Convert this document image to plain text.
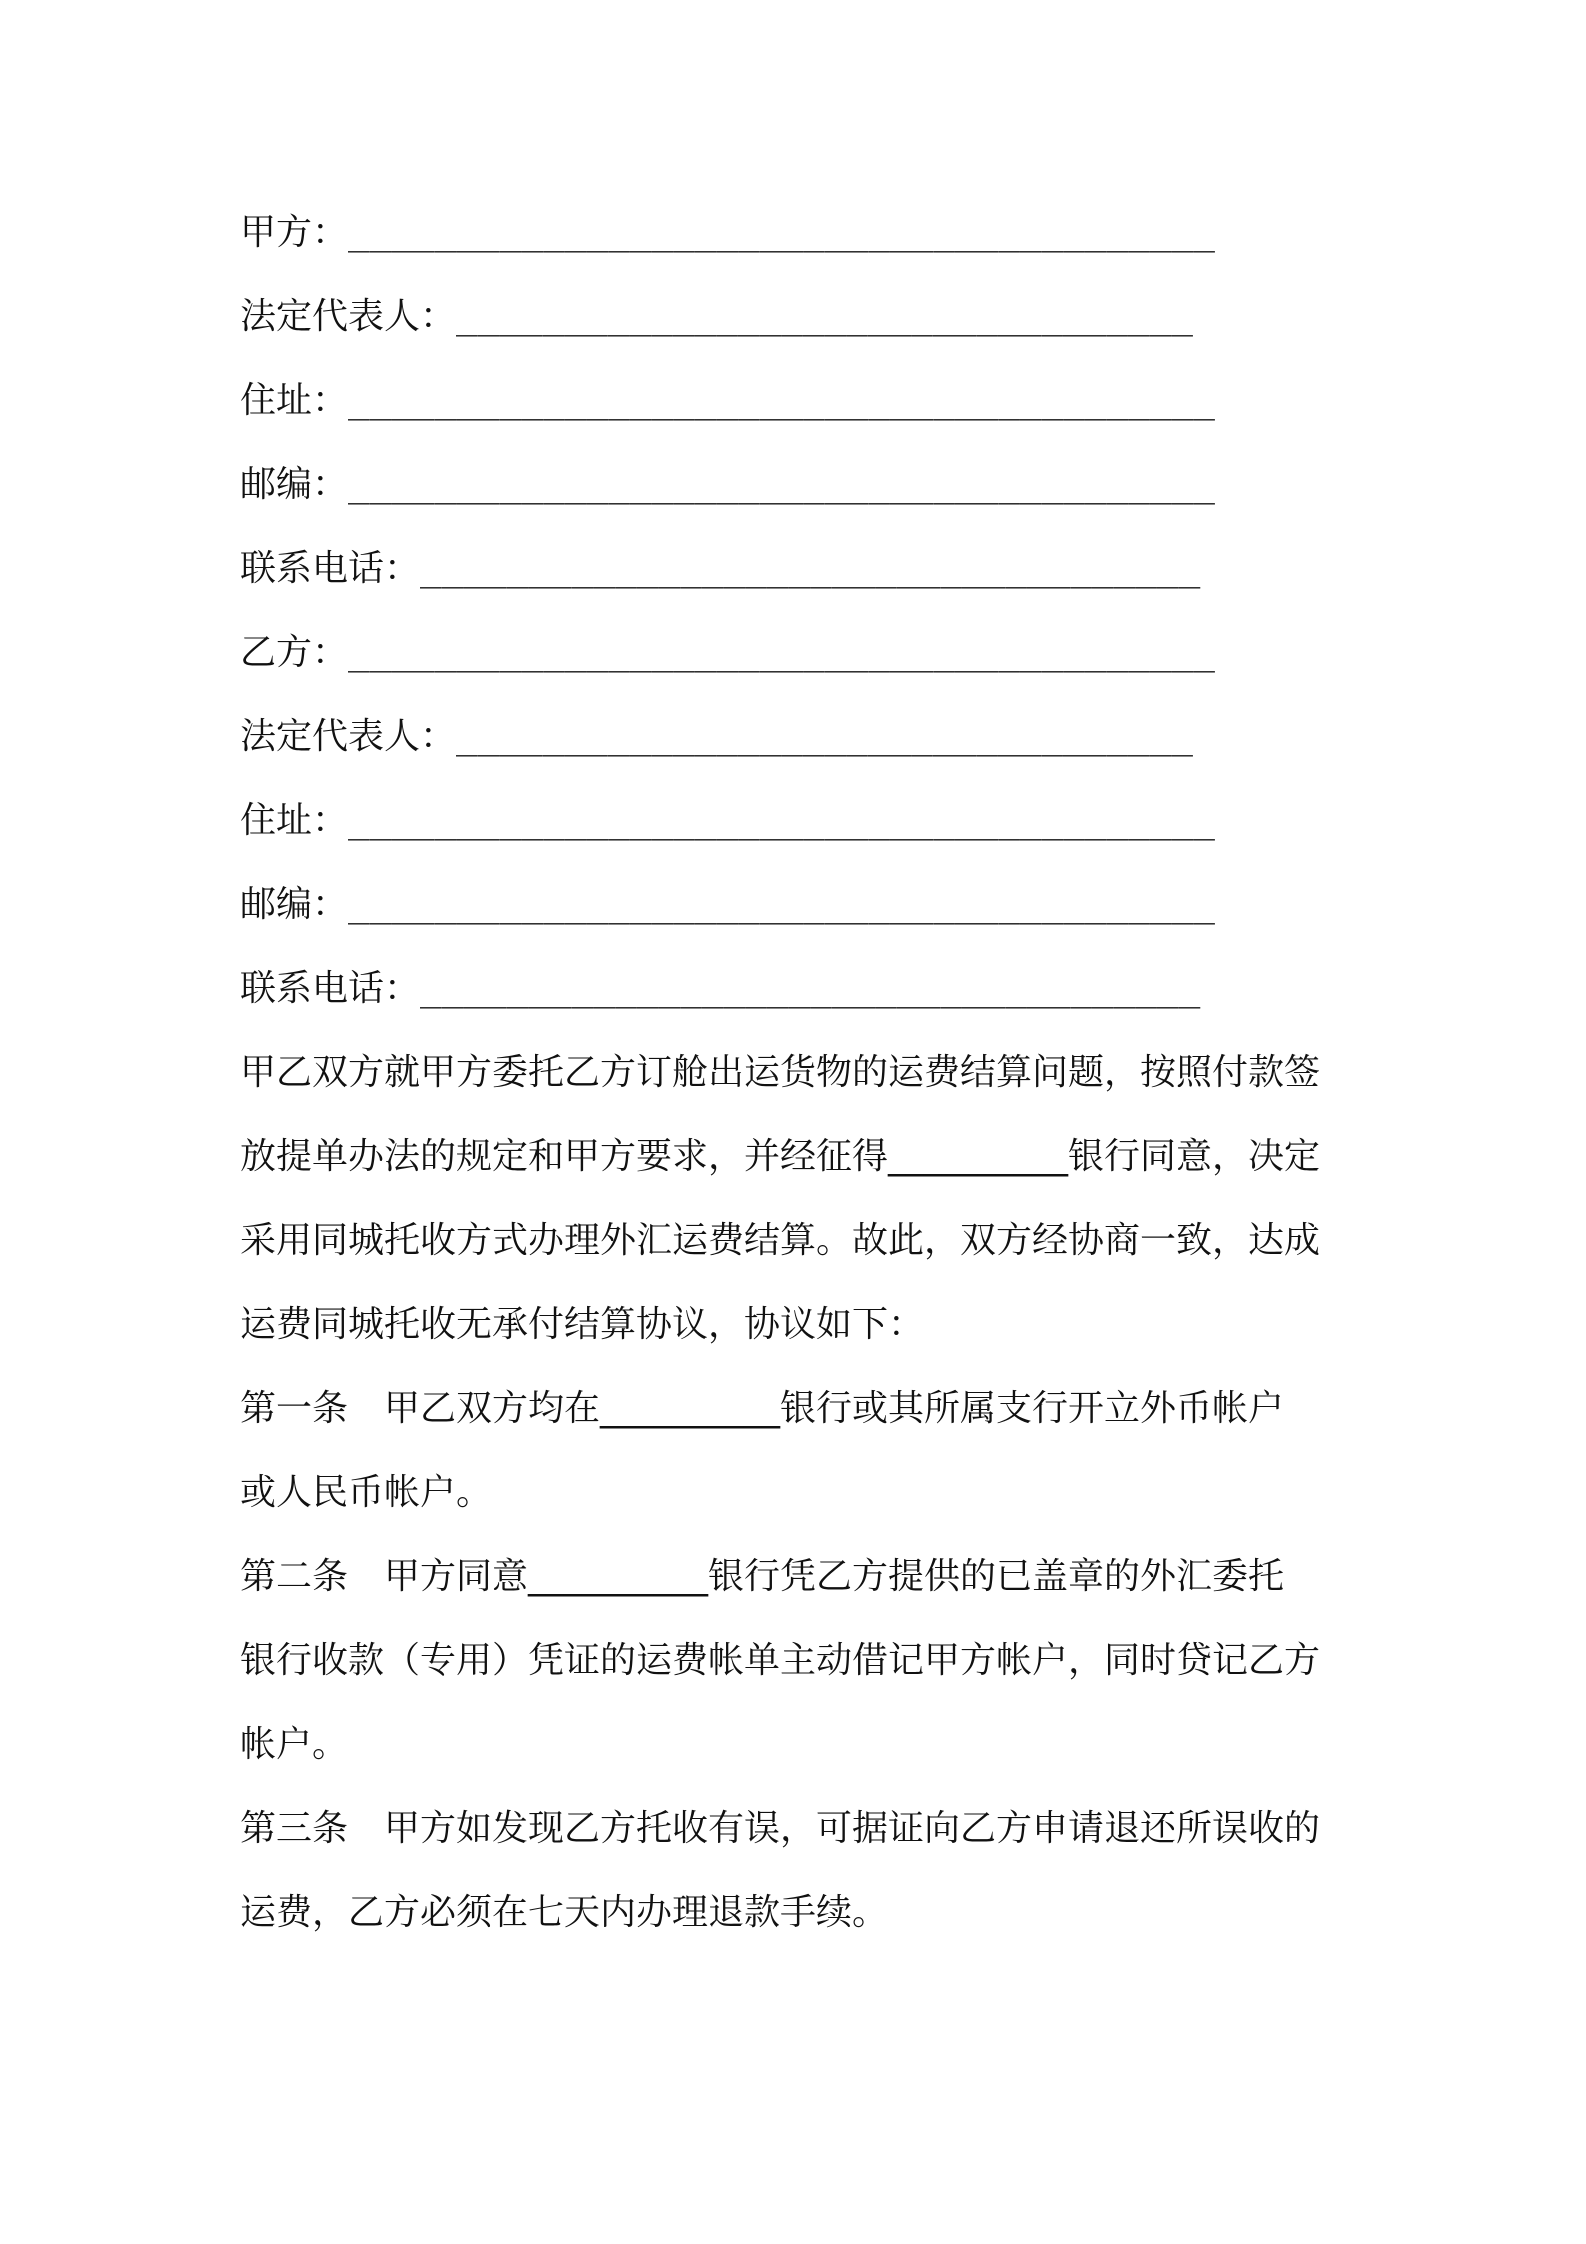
甲方：________________________________________
法定代表人：__________________________________
住址：________________________________________
邮编：________________________________________
联系电话：____________________________________
乙方：________________________________________
法定代表人：__________________________________
住址：________________________________________
邮编：________________________________________
联系电话：____________________________________
甲乙双方就甲方委托乙方订舱出运货物的运费结算问题，按照付款签
放提单办法的规定和甲方要求，并经征得__________银行同意，决定
采用同城托收方式办理外汇运费结算。故此，双方经协商一致，达成
运费同城托收无承付结算协议，协议如下：
第一条　甲乙双方均在__________银行或其所属支行开立外币帐户
或人民币帐户。
第二条　甲方同意__________银行凭乙方提供的已盖章的外汇委托
银行收款（专用）凭证的运费帐单主动借记甲方帐户，同时贷记乙方
帐户。
第三条　甲方如发现乙方托收有误，可据证向乙方申请退还所误收的
运费，乙方必须在七天内办理退款手续。
